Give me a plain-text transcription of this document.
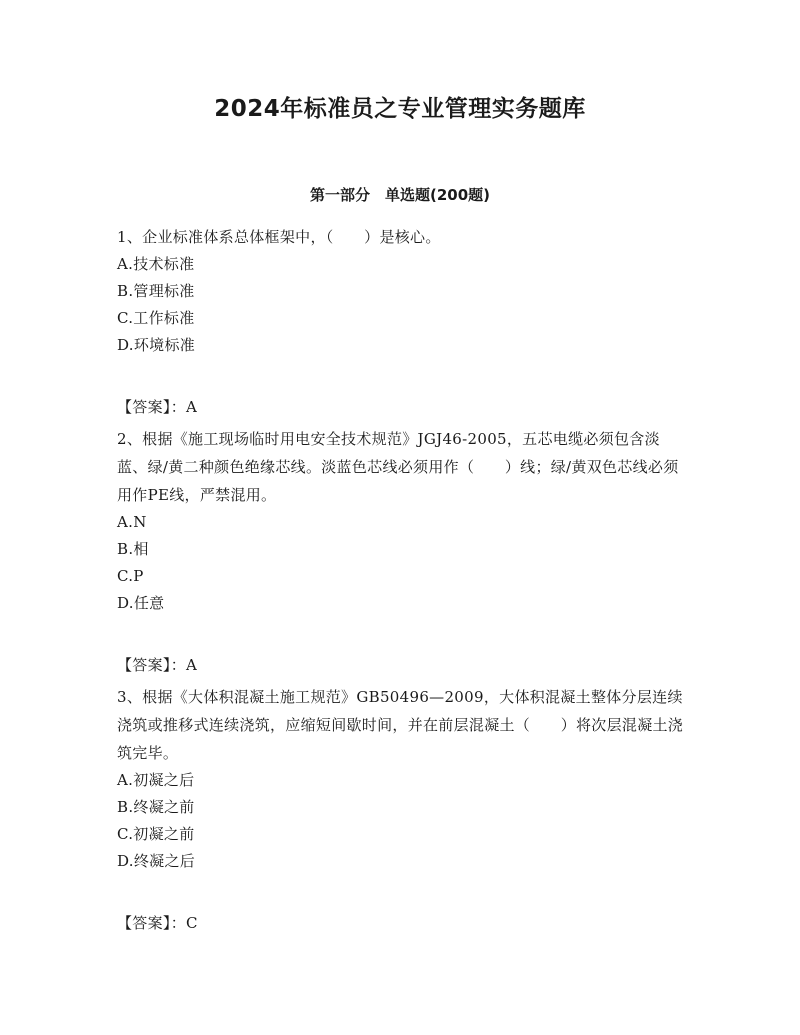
2024年标准员之专业管理实务题库
第一部分　单选题(200题)

1、企业标准体系总体框架中，（　　）是核心。

A.技术标准
B.管理标准
C.工作标准
D.环境标准
【答案】：A

2、根据《施工现场临时用电安全技术规范》JGJ46-2005，五芯电缆必须包含淡蓝、绿/黄二种颜色绝缘芯线。淡蓝色芯线必须用作（　　）线；绿/黄双色芯线必须用作PE线，严禁混用。

A.N
B.相
C.P
D.任意
【答案】：A

3、根据《大体积混凝土施工规范》GB50496—2009，大体积混凝土整体分层连续浇筑或推移式连续浇筑，应缩短间歇时间，并在前层混凝土（　　）将次层混凝土浇筑完毕。

A.初凝之后
B.终凝之前
C.初凝之前
D.终凝之后
【答案】：C
